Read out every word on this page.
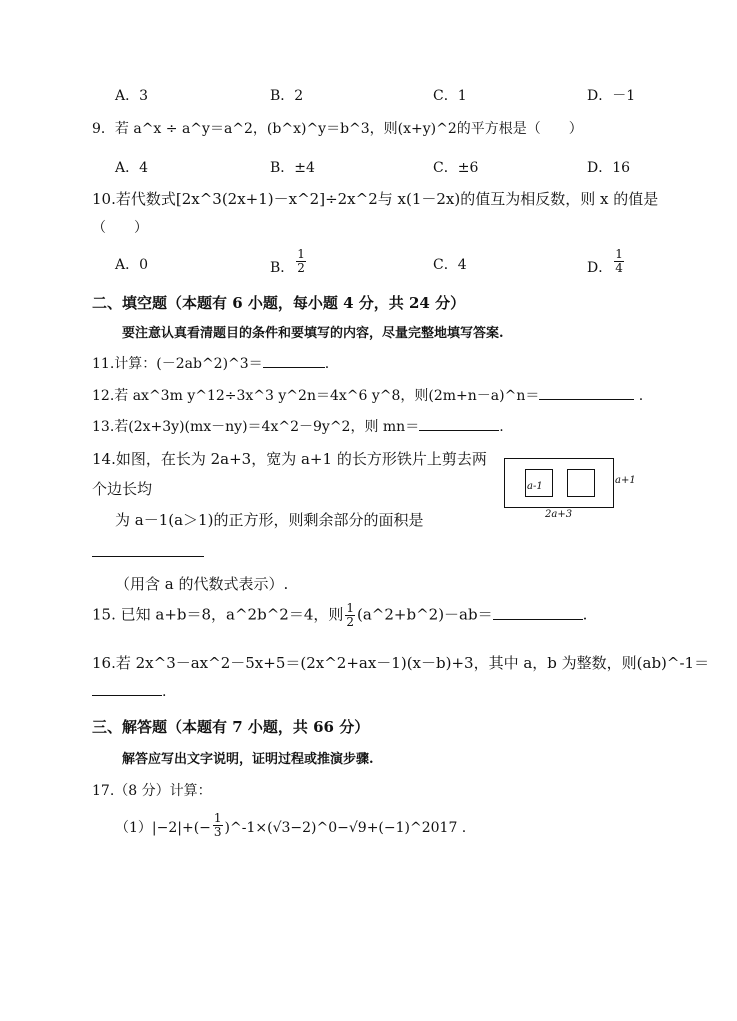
A．3	B．2	C．1	D．－1
9．若 a^x ÷ a^y＝a^2，(b^x)^y＝b^3，则(x+y)^2的平方根是（　　）
A．4	B．±4	C．±6	D．16
10.若代数式[2x^3(2x+1)－x^2]÷2x^2与 x(1－2x)的值互为相反数，则 x 的值是
（　　）
A．0	B． $\frac{1}{2}$	C．4	D． $\frac{1}{4}$
二、填空题（本题有 6 小题，每小题 4 分，共 24 分）
要注意认真看清题目的条件和要填写的内容，尽量完整地填写答案.
11.计算：(－2ab^2)^3＝	.
12.若 ax^3m y^12÷3x^3 y^2n＝4x^6 y^8，则(2m+n－a)^n＝	.
13.若(2x+3y)(mx－ny)＝4x^2－9y^2，则 mn＝	.
14.如图，在长为 2a+3，宽为 a+1 的长方形铁片上剪去两
个边长均
为 a－1(a＞1)的正方形，则剩余部分的面积是
（用含 a 的代数式表示）.
a-1
a+1
2a+3
15. 已知 a+b＝8，a^2b^2＝4，则 $\frac{1}{2}$ (a^2+b^2)－ab＝	.
16.若 2x^3－ax^2－5x+5＝(2x^2+ax－1)(x－b)+3，其中 a，b 为整数，则(ab)^-1＝
.
三、解答题（本题有 7 小题，共 66 分）
解答应写出文字说明，证明过程或推演步骤.
17.（8 分）计算：
$(1)|-2|+(- \frac{1}{3}$ )^-1×(√3−2)^0−√9+(−1)^2017 .
